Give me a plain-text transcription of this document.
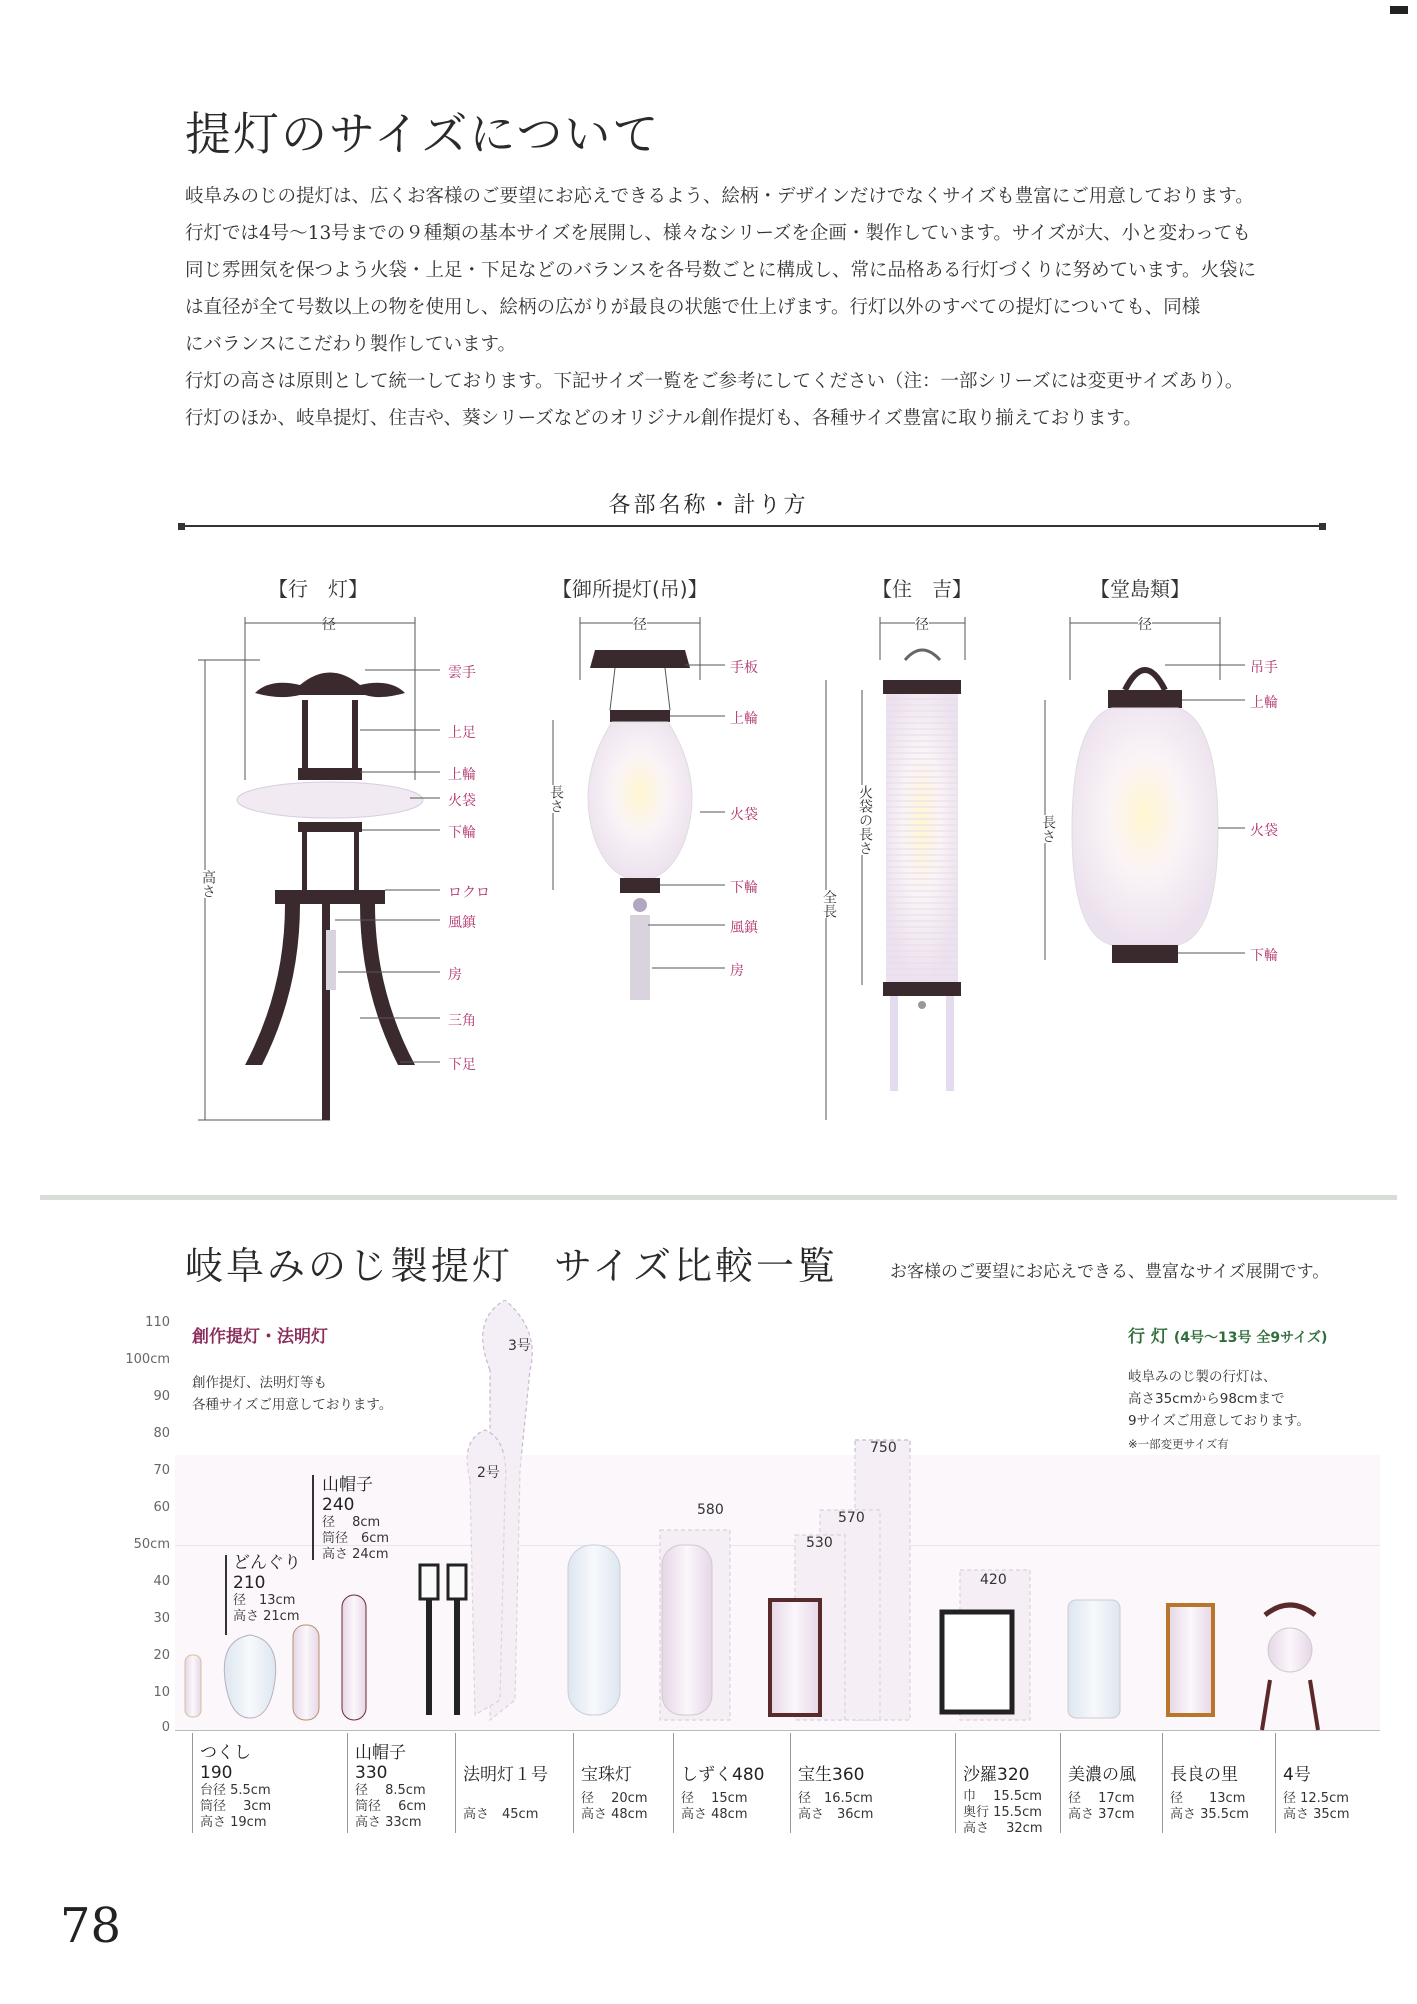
提灯のサイズについて

岐阜みのじの提灯は、広くお客様のご要望にお応えできるよう、絵柄・デザインだけでなくサイズも豊富にご用意しております。

行灯では4号～13号までの９種類の基本サイズを展開し、様々なシリーズを企画・製作しています。サイズが大、小と変わっても

同じ雰囲気を保つよう火袋・上足・下足などのバランスを各号数ごとに構成し、常に品格ある行灯づくりに努めています。火袋に

は直径が全て号数以上の物を使用し、絵柄の広がりが最良の状態で仕上げます。行灯以外のすべての提灯についても、同様

にバランスにこだわり製作しています。

行灯の高さは原則として統一しております。下記サイズ一覧をご参考にしてください（注：一部シリーズには変更サイズあり）。

行灯のほか、岐阜提灯、住吉や、葵シリーズなどのオリジナル創作提灯も、各種サイズ豊富に取り揃えております。

各部名称・計り方
【行　灯】	【御所提灯(吊)】	【住　吉】	【堂島類】
径
高さ
径
長さ
径
火袋の長さ
全長
径
長さ
雲手
上足
上輪
火袋
下輪
ロクロ
風鎮
房
三角
下足
手板
上輪
火袋
下輪
風鎮
房
吊手
上輪
火袋
下輪
岐阜みのじ製提灯　サイズ比較一覧	お客様のご要望にお応えできる、豊富なサイズ展開です。
110
100cm
90
80
70
60
50cm
40
30
20
10
0
創作提灯・法明灯
創作提灯、法明灯等も
各種サイズご用意しております。
行 灯 (4号～13号 全9サイズ)
岐阜みのじ製の行灯は、
高さ35cmから98cmまで
9サイズご用意しております。
※一部変更サイズ有
山帽子
240
径　 8cm
筒径　6cm
高さ 24cm
どんぐり
210
径　13cm
高さ 21cm
3号
2号
580
750
570
530
420
つくし
190
台径 5.5cm
筒径　 3cm
高さ 19cm
山帽子
330
径　 8.5cm
筒径　 6cm
高さ 33cm
法明灯１号
高さ　45cm
宝珠灯
径　 20cm
高さ 48cm
しずく480
径　 15cm
高さ 48cm
宝生360
径　16.5cm
高さ　36cm
沙羅320
巾　 15.5cm
奥行 15.5cm
高さ　 32cm
美濃の風
径　 17cm
高さ 37cm
長良の里
径　　13cm
高さ 35.5cm
4号
径 12.5cm
高さ 35cm
78
